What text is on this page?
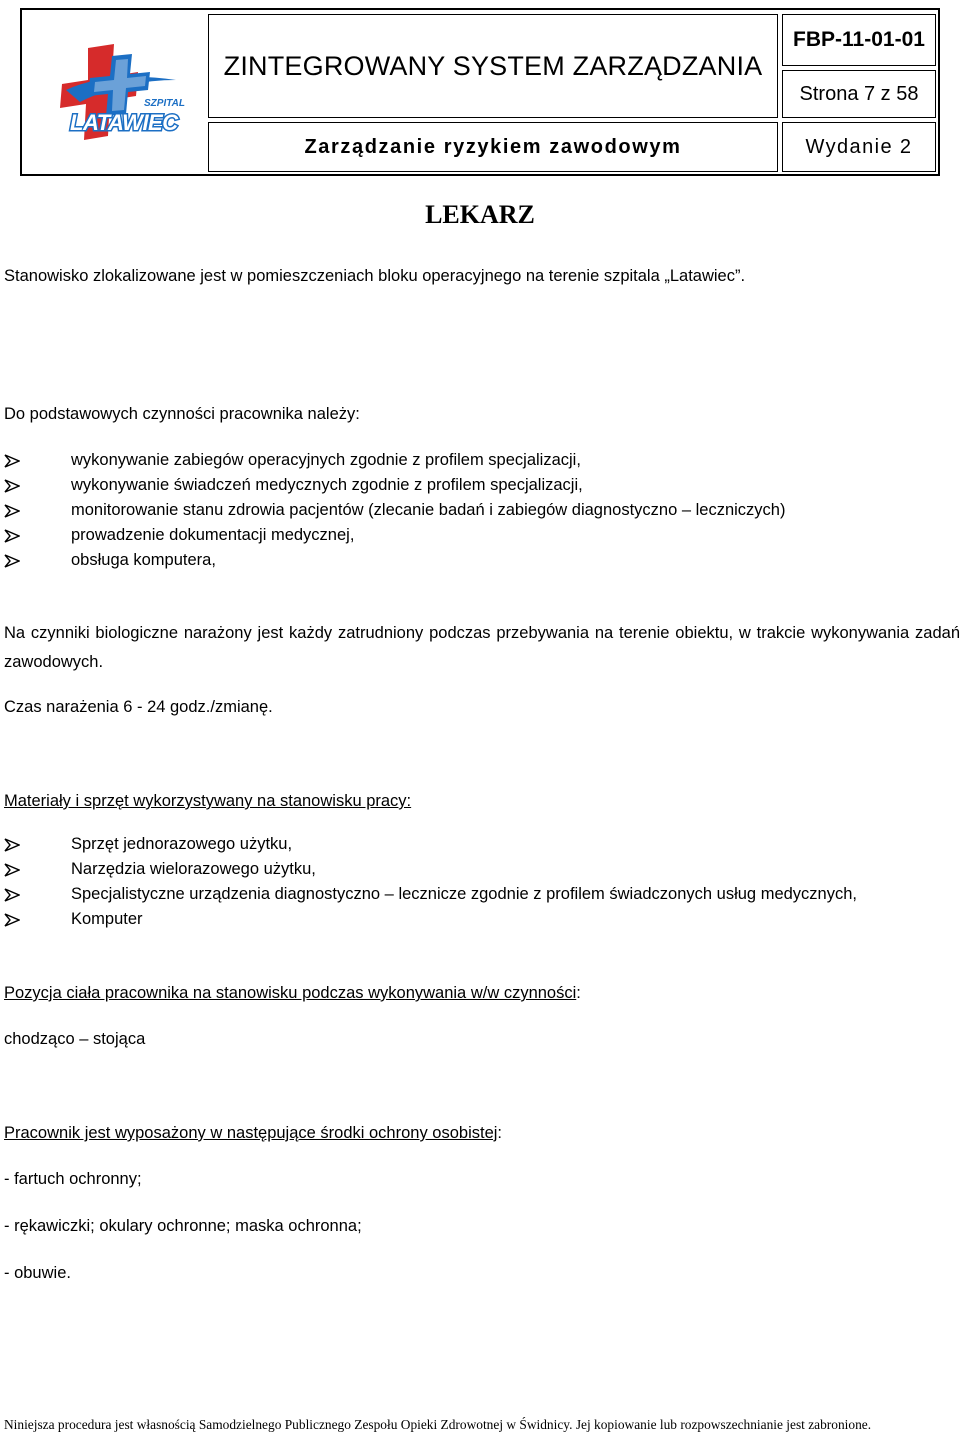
SZPITAL
LATAWIEC
ZINTEGROWANY SYSTEM ZARZĄDZANIA
Zarządzanie ryzykiem zawodowym
FBP-11-01-01
Strona 7 z 58
Wydanie 2
LEKARZ
Stanowisko zlokalizowane jest w pomieszczeniach bloku operacyjnego na terenie szpitala „Latawiec”.
Do podstawowych czynności pracownika należy:
wykonywanie zabiegów operacyjnych zgodnie z profilem specjalizacji,
wykonywanie świadczeń medycznych zgodnie z profilem specjalizacji,
monitorowanie stanu zdrowia pacjentów (zlecanie badań i zabiegów diagnostyczno – leczniczych)
prowadzenie dokumentacji medycznej,
obsługa komputera,
Na czynniki biologiczne narażony jest każdy zatrudniony podczas przebywania na terenie obiektu, w trakcie wykonywania zadań zawodowych.
Czas narażenia 6 - 24 godz./zmianę.
Materiały i sprzęt wykorzystywany na stanowisku pracy:
Sprzęt jednorazowego użytku,
Narzędzia wielorazowego użytku,
Specjalistyczne urządzenia diagnostyczno – lecznicze zgodnie z profilem świadczonych usług medycznych,
Komputer
Pozycja ciała pracownika na stanowisku podczas wykonywania w/w czynności:
chodząco – stojąca
Pracownik jest wyposażony w następujące środki ochrony osobistej:
- fartuch ochronny;
- rękawiczki; okulary ochronne; maska ochronna;
- obuwie.
Niniejsza procedura jest własnością Samodzielnego Publicznego Zespołu Opieki Zdrowotnej w Świdnicy. Jej kopiowanie lub rozpowszechnianie jest zabronione.
